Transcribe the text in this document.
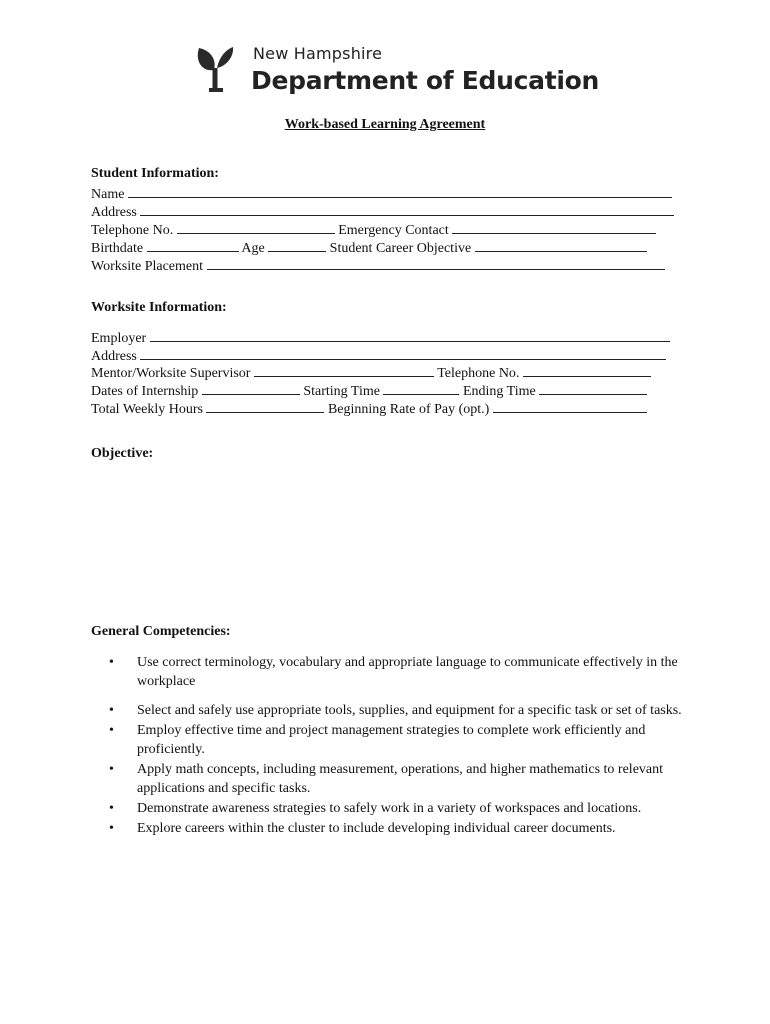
New Hampshire
Department of Education
Work-based Learning Agreement
Student Information:
Name
Address
Telephone No.	Emergency Contact
Birthdate	Age	Student Career Objective
Worksite Placement
Worksite Information:
Employer
Address
Mentor/Worksite Supervisor	Telephone No.
Dates of Internship	Starting Time	Ending Time
Total Weekly Hours	Beginning Rate of Pay (opt.)
Objective:
General Competencies:
•	Use correct terminology, vocabulary and appropriate language to communicate effectively in the workplace
•	Select and safely use appropriate tools, supplies, and equipment for a specific task or set of tasks.
•	Employ effective time and project management strategies to complete work efficiently and proficiently.
•	Apply math concepts, including measurement, operations, and higher mathematics to relevant applications and specific tasks.
•	Demonstrate awareness strategies to safely work in a variety of workspaces and locations.
•	Explore careers within the cluster to include developing individual career documents.
